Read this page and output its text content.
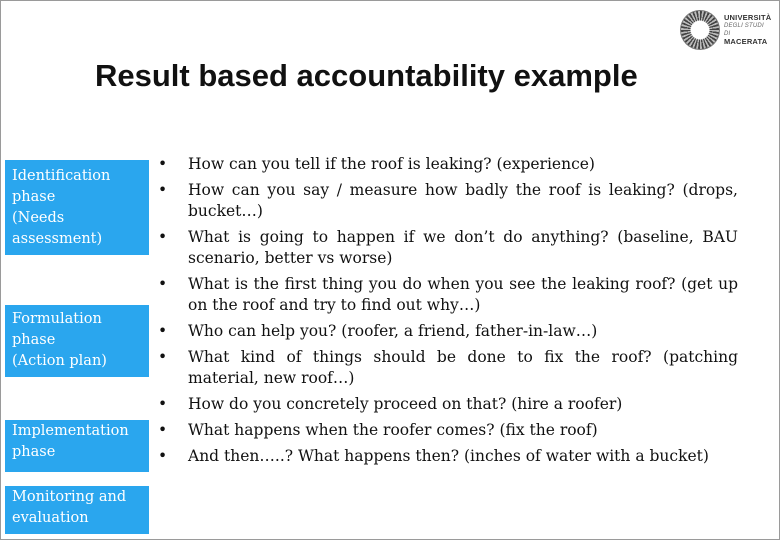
UNIVERSITÀ
DEGLI STUDI DI
MACERATA
Result based accountability example
Identification
phase
(Needs
assessment)
Formulation
phase
(Action plan)
Implementation
phase
Monitoring and
evaluation
• How can you tell if the roof is leaking? (experience)
• How can you say / measure how badly the roof is leaking? (drops, bucket…)
• What is going to happen if we don’t do anything? (baseline, BAU scenario, better vs worse)
• What is the first thing you do when you see the leaking roof? (get up on the roof and try to find out why…)
• Who can help you? (roofer, a friend, father-in-law…)
• What kind of things should be done to fix the roof? (patching material, new roof…)
• How do you concretely proceed on that? (hire a roofer)
• What happens when the roofer comes? (fix the roof)
• And then…..? What happens then? (inches of water with a bucket)
